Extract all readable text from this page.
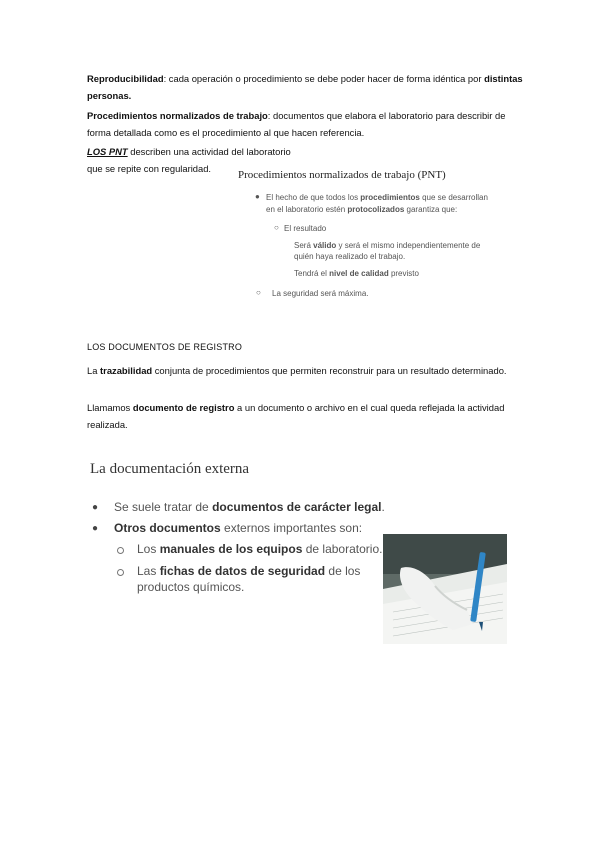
Reproducibilidad: cada operación o procedimiento se debe poder hacer de forma idéntica por distintas personas.
Procedimientos normalizados de trabajo: documentos que elabora el laboratorio para describir de forma detallada como es el procedimiento al que hacen referencia.
LOS PNT describen una actividad del laboratorio
que se repite con regularidad.
Procedimientos normalizados de trabajo (PNT)
● El hecho de que todos los procedimientos que se desarrollan
en el laboratorio estén protocolizados garantiza que:
○ El resultado
Será válido y será el mismo independientemente de
quién haya realizado el trabajo.
Tendrá el nivel de calidad previsto
○ La seguridad será máxima.
LOS DOCUMENTOS DE REGISTRO
La trazabilidad conjunta de procedimientos que permiten reconstruir para un resultado determinado.
Llamamos documento de registro a un documento o archivo en el cual queda reflejada la actividad realizada.
La documentación externa
● Se suele tratar de documentos de carácter legal.
● Otros documentos externos importantes son:
Los manuales de los equipos de laboratorio.
Las fichas de datos de seguridad de los
productos químicos.
